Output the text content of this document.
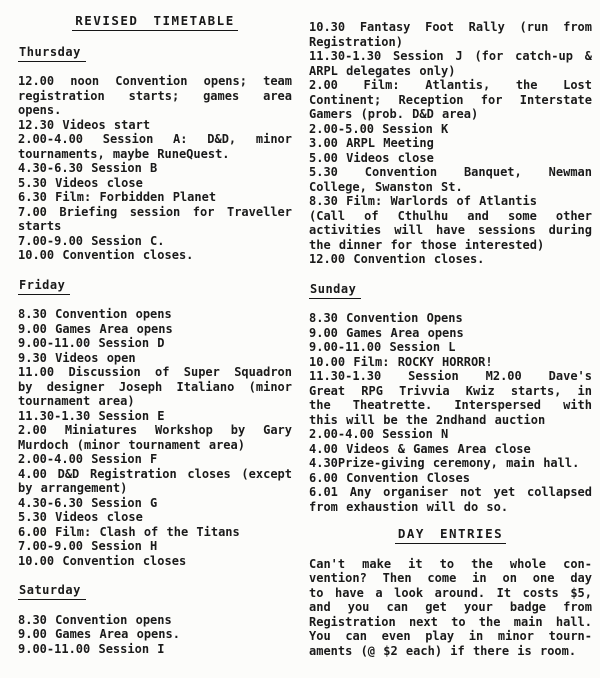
REVISED TIMETABLE
Thursday
12.00 noon Convention opens; team
registration starts; games area opens.
12.30 Videos start
2.00-4.00 Session A: D&D, minor
tournaments, maybe RuneQuest.
4.30-6.30 Session B
5.30 Videos close
6.30 Film: Forbidden Planet
7.00 Briefing session for Traveller
starts
7.00-9.00 Session C.
10.00 Convention closes.
Friday
8.30 Convention opens
9.00 Games Area opens
9.00-11.00 Session D
9.30 Videos open
11.00 Discussion of Super Squadron
by designer Joseph Italiano (minor
tournament area)
11.30-1.30 Session E
2.00 Miniatures Workshop by Gary
Murdoch (minor tournament area)
2.00-4.00 Session F
4.00 D&D Registration closes (except
by arrangement)
4.30-6.30 Session G
5.30 Videos close
6.00 Film: Clash of the Titans
7.00-9.00 Session H
10.00 Convention closes
Saturday
8.30 Convention opens
9.00 Games Area opens.
9.00-11.00 Session I
10.30 Fantasy Foot Rally (run from
Registration)
11.30-1.30 Session J (for catch-up &
ARPL delegates only)
2.00 Film: Atlantis, the Lost
Continent; Reception for Interstate
Gamers (prob. D&D area)
2.00-5.00 Session K
3.00 ARPL Meeting
5.00 Videos close
5.30 Convention Banquet, Newman
College, Swanston St.
8.30 Film: Warlords of Atlantis
(Call of Cthulhu and some other
activities will have sessions during
the dinner for those interested)
12.00 Convention closes.
Sunday
8.30 Convention Opens
9.00 Games Area opens
9.00-11.00 Session L
10.00 Film: ROCKY HORROR!
11.30-1.30 Session M2.00 Dave's
Great RPG Trivvia Kwiz starts, in
the Theatrette. Interspersed with
this will be the 2ndhand auction
2.00-4.00 Session N
4.00 Videos & Games Area close
4.30Prize-giving ceremony, main hall.
6.00 Convention Closes
6.01 Any organiser not yet collapsed
from exhaustion will do so.
DAY ENTRIES
Can't make it to the whole con-
vention? Then come in on one day
to have a look around. It costs $5,
and you can get your badge from
Registration next to the main hall.
You can even play in minor tourn-
aments (@ $2 each) if there is room.
